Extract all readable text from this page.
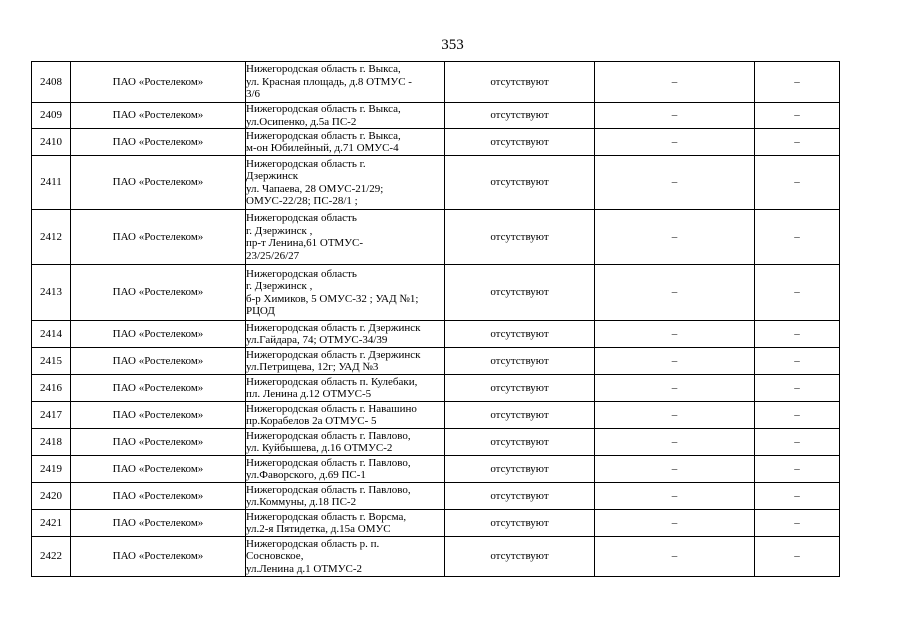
353
2408	ПАО «Ростелеком»	Нижегородская область г. Выкса,
ул. Красная площадь, д.8 ОТМУС -
3/6	отсутствуют	–	–
2409	ПАО «Ростелеком»	Нижегородская область г. Выкса,
ул.Осипенко, д.5а ПС-2	отсутствуют	–	–
2410	ПАО «Ростелеком»	Нижегородская область г. Выкса,
м-он Юбилейный, д.71 ОМУС-4	отсутствуют	–	–
2411	ПАО «Ростелеком»	Нижегородская область г.
Дзержинск
ул. Чапаева, 28 ОМУС-21/29;
ОМУС-22/28; ПС-28/1 ;	отсутствуют	–	–
2412	ПАО «Ростелеком»	Нижегородская область
г. Дзержинск ,
пр-т Ленина,61 ОТМУС-
23/25/26/27	отсутствуют	–	–
2413	ПАО «Ростелеком»	Нижегородская область
г. Дзержинск ,
б-р Химиков, 5 ОМУС-32 ; УАД №1;
РЦОД	отсутствуют	–	–
2414	ПАО «Ростелеком»	Нижегородская область г. Дзержинск
ул.Гайдара, 74; ОТМУС-34/39	отсутствуют	–	–
2415	ПАО «Ростелеком»	Нижегородская область г. Дзержинск
ул.Петрищева, 12г; УАД №3	отсутствуют	–	–
2416	ПАО «Ростелеком»	Нижегородская область п. Кулебаки,
пл. Ленина д.12 ОТМУС-5	отсутствуют	–	–
2417	ПАО «Ростелеком»	Нижегородская область г. Навашино
пр.Корабелов 2а ОТМУС- 5	отсутствуют	–	–
2418	ПАО «Ростелеком»	Нижегородская область г. Павлово,
ул. Куйбышева, д.16 ОТМУС-2	отсутствуют	–	–
2419	ПАО «Ростелеком»	Нижегородская область г. Павлово,
ул.Фаворского, д.69 ПС-1	отсутствуют	–	–
2420	ПАО «Ростелеком»	Нижегородская область г. Павлово,
ул.Коммуны, д.18 ПС-2	отсутствуют	–	–
2421	ПАО «Ростелеком»	Нижегородская область г. Ворсма,
ул.2-я Пятидетка, д.15а ОМУС	отсутствуют	–	–
2422	ПАО «Ростелеком»	Нижегородская область р. п.
Сосновское,
ул.Ленина д.1 ОТМУС-2	отсутствуют	–	–
